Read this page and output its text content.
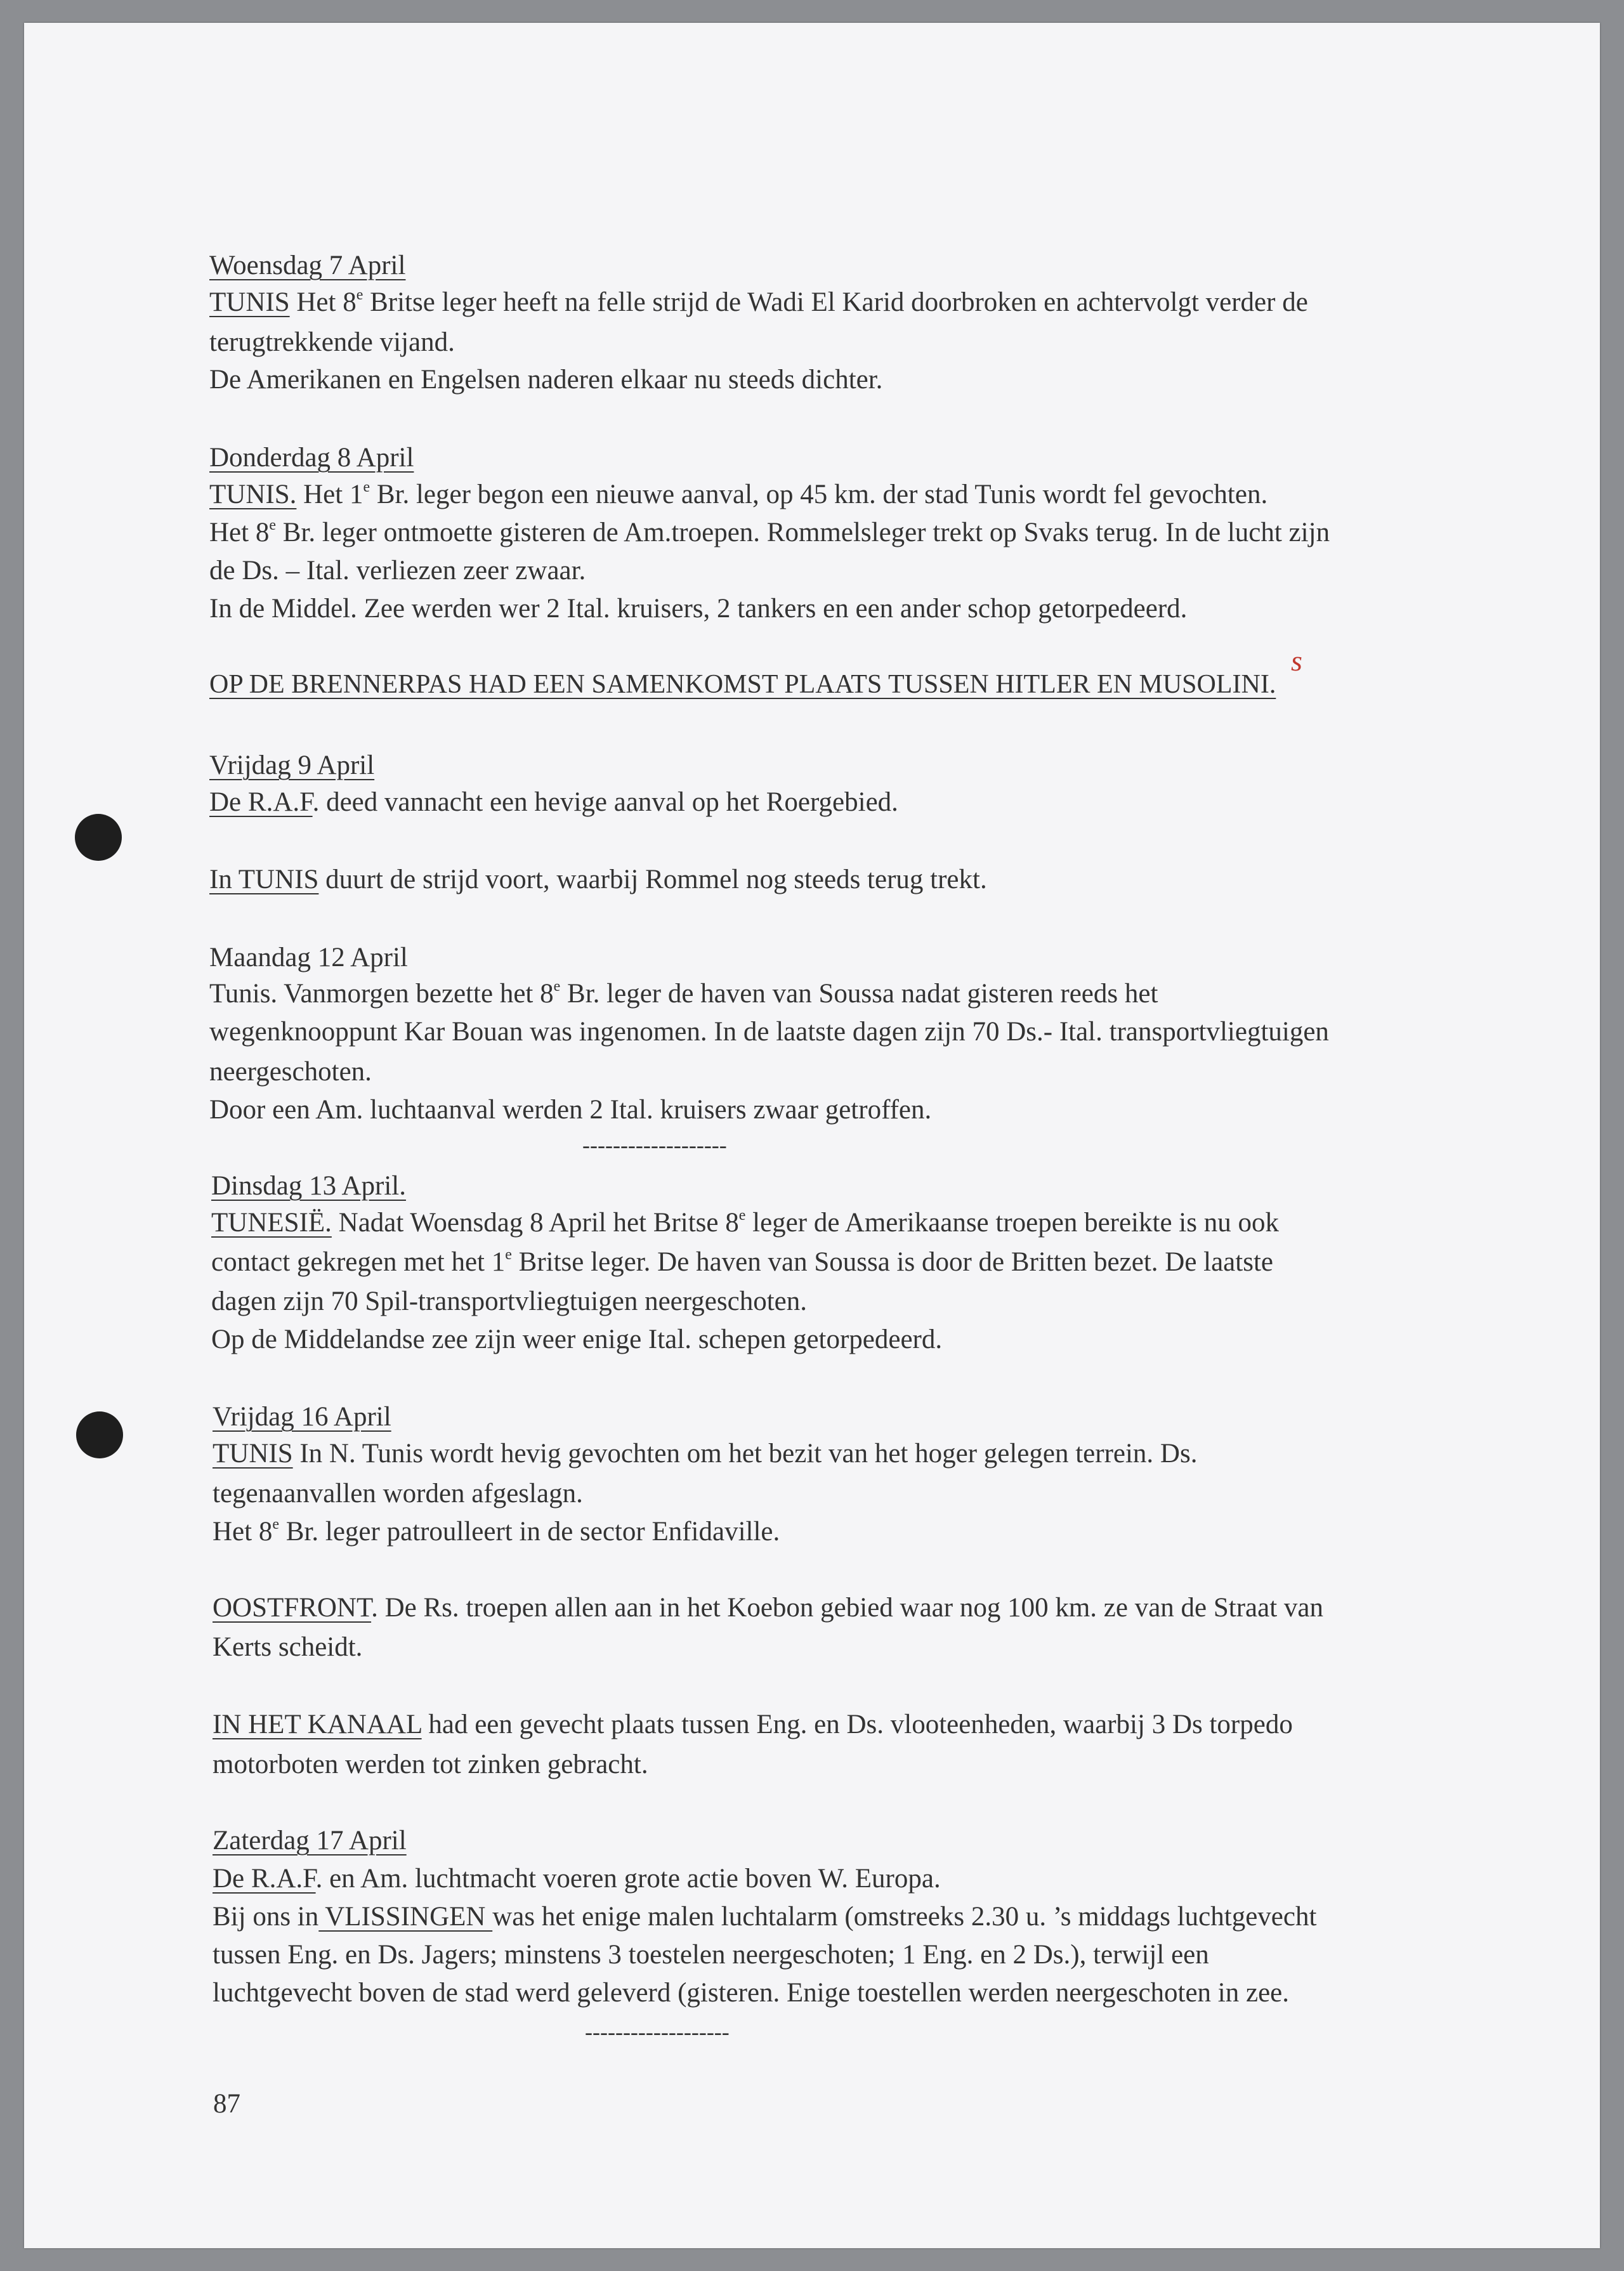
Woensdag 7 April
TUNIS Het 8e Britse leger heeft na felle strijd de Wadi El Karid doorbroken en achtervolgt verder de
terugtrekkende vijand.
De Amerikanen en Engelsen naderen elkaar nu steeds dichter.
Donderdag 8 April
TUNIS. Het 1e Br. leger begon een nieuwe aanval, op 45 km. der stad Tunis wordt fel gevochten.
Het 8e Br. leger ontmoette gisteren de Am.troepen. Rommelsleger trekt op Svaks terug. In de lucht zijn
de Ds. – Ital. verliezen zeer zwaar.
In de Middel. Zee werden wer 2 Ital. kruisers, 2 tankers en een ander schop getorpedeerd.
s
OP DE BRENNERPAS HAD EEN SAMENKOMST PLAATS TUSSEN HITLER EN MUSOLINI.
Vrijdag 9 April
De R.A.F. deed vannacht een hevige aanval op het Roergebied.
In TUNIS duurt de strijd voort, waarbij Rommel nog steeds terug trekt.
Maandag 12 April
Tunis. Vanmorgen bezette het 8e Br. leger de haven van Soussa nadat gisteren reeds het
wegenknooppunt Kar Bouan was ingenomen. In de laatste dagen zijn 70 Ds.- Ital. transportvliegtuigen
neergeschoten.
Door een Am. luchtaanval werden 2 Ital. kruisers zwaar getroffen.
-------------------
Dinsdag 13 April.
TUNESIË. Nadat Woensdag 8 April het Britse 8e leger de Amerikaanse troepen bereikte is nu ook
contact gekregen met het 1e Britse leger. De haven van Soussa is door de Britten bezet. De laatste
dagen zijn 70 Spil-transportvliegtuigen neergeschoten.
Op de Middelandse zee zijn weer enige Ital. schepen getorpedeerd.
Vrijdag 16 April
TUNIS In N. Tunis wordt hevig gevochten om het bezit van het hoger gelegen terrein. Ds.
tegenaanvallen worden afgeslagn.
Het 8e Br. leger patroulleert in de sector Enfidaville.
OOSTFRONT. De Rs. troepen allen aan in het Koebon gebied waar nog 100 km. ze van de Straat van
Kerts scheidt.
IN HET KANAAL had een gevecht plaats tussen Eng. en Ds. vlooteenheden, waarbij 3 Ds torpedo
motorboten werden tot zinken gebracht.
Zaterdag 17 April
De R.A.F. en Am. luchtmacht voeren grote actie boven W. Europa.
Bij ons in VLISSINGEN was het enige malen luchtalarm (omstreeks 2.30 u. ’s middags luchtgevecht
tussen Eng. en Ds. Jagers; minstens 3 toestelen neergeschoten; 1 Eng. en 2 Ds.), terwijl een
luchtgevecht boven de stad werd geleverd (gisteren. Enige toestellen werden neergeschoten in zee.
-------------------
87
